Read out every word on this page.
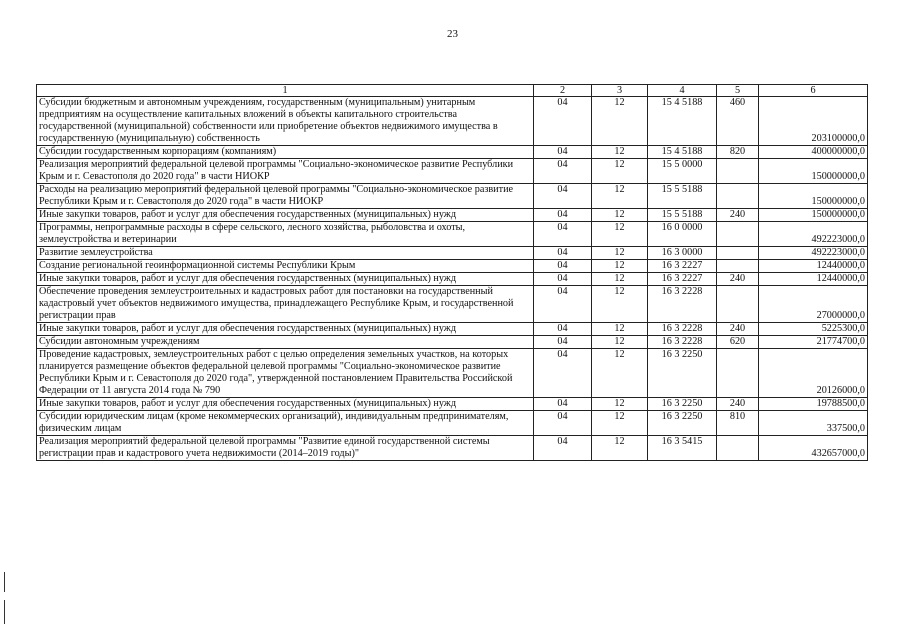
23
1	2	3	4	5	6
Субсидии бюджетным и автономным учреждениям, государственным (муниципальным) унитарным предприятиям на осуществление капитальных вложений в объекты капитального строительства государственной (муниципальной) собственности или приобретение объектов недвижимого имущества в государственную (муниципальную) собственность	04	12	15 4 5188	460	203100000,0
Субсидии государственным корпорациям (компаниям)	04	12	15 4 5188	820	400000000,0
Реализация мероприятий федеральной целевой программы "Социально-экономическое развитие Республики Крым и г. Севастополя до 2020 года" в части НИОКР	04	12	15 5 0000		150000000,0
Расходы на реализацию мероприятий федеральной целевой программы "Социально-экономическое развитие Республики Крым и г. Севастополя до 2020 года" в части НИОКР	04	12	15 5 5188		150000000,0
Иные закупки товаров, работ и услуг для обеспечения государственных (муниципальных) нужд	04	12	15 5 5188	240	150000000,0
Программы, непрограммные расходы в сфере сельского, лесного хозяйства, рыболовства и охоты, землеустройства и ветеринарии	04	12	16 0 0000		492223000,0
Развитие землеустройства	04	12	16 3 0000		492223000,0
Создание региональной геоинформационной системы Республики Крым	04	12	16 3 2227		12440000,0
Иные закупки товаров, работ и услуг для обеспечения государственных (муниципальных) нужд	04	12	16 3 2227	240	12440000,0
Обеспечение проведения землеустроительных и кадастровых работ для постановки на государственный кадастровый учет объектов недвижимого имущества, принадлежащего Республике Крым, и государственной регистрации прав	04	12	16 3 2228		27000000,0
Иные закупки товаров, работ и услуг для обеспечения государственных (муниципальных) нужд	04	12	16 3 2228	240	5225300,0
Субсидии автономным учреждениям	04	12	16 3 2228	620	21774700,0
Проведение кадастровых, землеустроительных работ с целью определения земельных участков, на которых планируется размещение объектов федеральной целевой программы "Социально-экономическое развитие Республики Крым и г. Севастополя до 2020 года", утвержденной постановлением Правительства Российской Федерации от 11 августа 2014 года № 790	04	12	16 3 2250		20126000,0
Иные закупки товаров, работ и услуг для обеспечения государственных (муниципальных) нужд	04	12	16 3 2250	240	19788500,0
Субсидии юридическим лицам (кроме некоммерческих организаций), индивидуальным предпринимателям, физическим лицам	04	12	16 3 2250	810	337500,0
Реализация мероприятий федеральной целевой программы "Развитие единой государственной системы регистрации прав и кадастрового учета недвижимости (2014–2019 годы)"	04	12	16 3 5415		432657000,0
